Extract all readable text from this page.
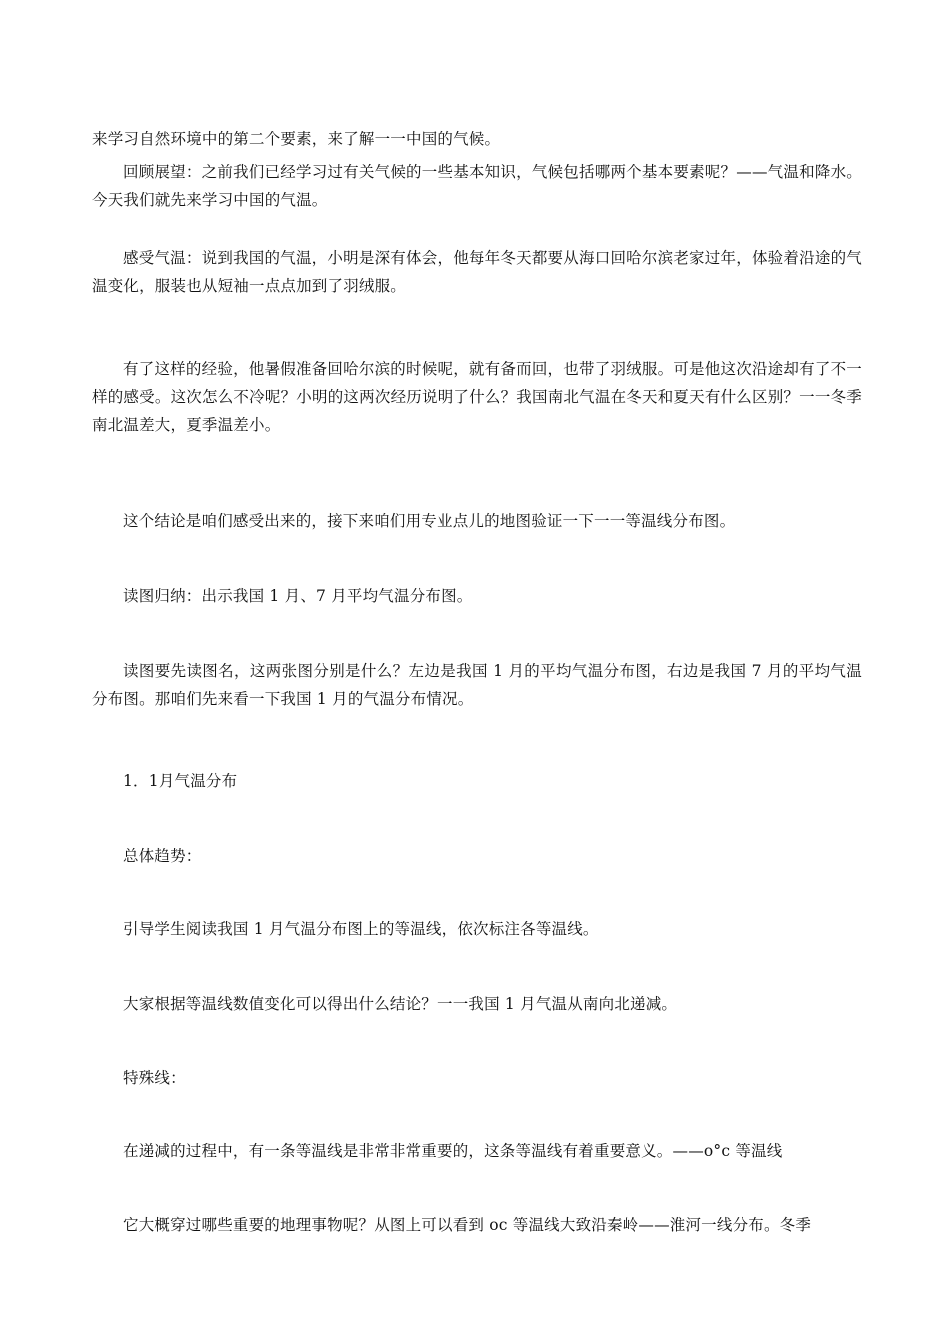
来学习自然环境中的第二个要素，来了解一一中国的气候。

回顾展望：之前我们已经学习过有关气候的一些基本知识，气候包括哪两个基本要素呢？——气温和降水。今天我们就先来学习中国的气温。

感受气温：说到我国的气温，小明是深有体会，他每年冬天都要从海口回哈尔滨老家过年，体验着沿途的气温变化，服装也从短袖一点点加到了羽绒服。

有了这样的经验，他暑假准备回哈尔滨的时候呢，就有备而回，也带了羽绒服。可是他这次沿途却有了不一样的感受。这次怎么不冷呢？小明的这两次经历说明了什么？我国南北气温在冬天和夏天有什么区别？一一冬季南北温差大，夏季温差小。

这个结论是咱们感受出来的，接下来咱们用专业点儿的地图验证一下一一等温线分布图。

读图归纳：出示我国 1 月、7 月平均气温分布图。

读图要先读图名，这两张图分别是什么？左边是我国 1 月的平均气温分布图，右边是我国 7 月的平均气温分布图。那咱们先来看一下我国 1 月的气温分布情况。

1．1月气温分布

总体趋势：

引导学生阅读我国 1 月气温分布图上的等温线，依次标注各等温线。

大家根据等温线数值变化可以得出什么结论？一一我国 1 月气温从南向北递减。

特殊线：

在递减的过程中，有一条等温线是非常非常重要的，这条等温线有着重要意义。——o°c 等温线

它大概穿过哪些重要的地理事物呢？从图上可以看到 oc 等温线大致沿秦岭——淮河一线分布。冬季
